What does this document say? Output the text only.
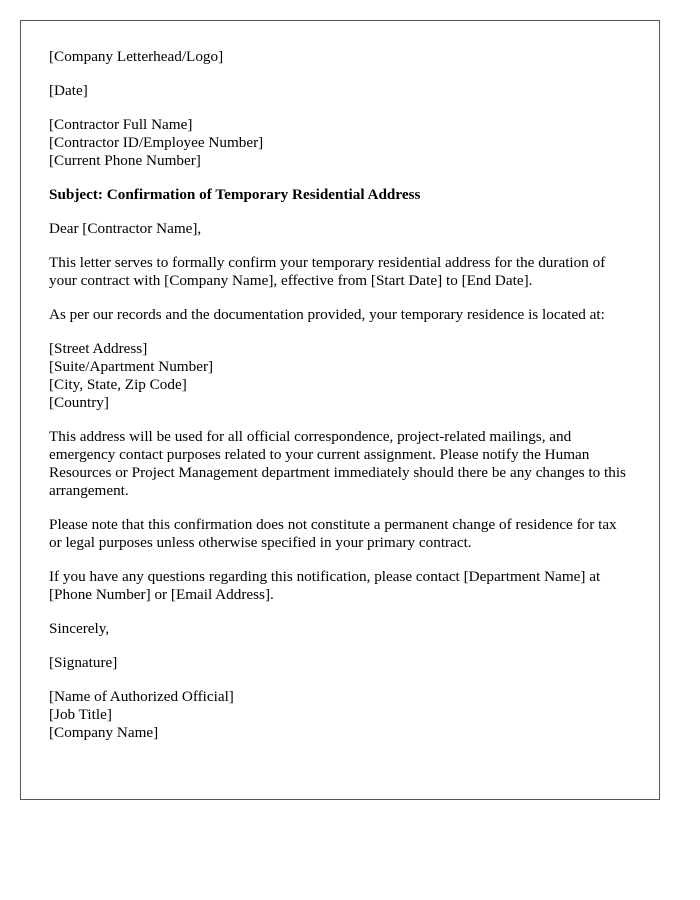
[Company Letterhead/Logo]
[Date]
[Contractor Full Name]
[Contractor ID/Employee Number]
[Current Phone Number]

Subject: Confirmation of Temporary Residential Address

Dear [Contractor Name],

This letter serves to formally confirm your temporary residential address for the duration of your contract with [Company Name], effective from [Start Date] to [End Date].

As per our records and the documentation provided, your temporary residence is located at:

[Street Address]
[Suite/Apartment Number]
[City, State, Zip Code]
[Country]

This address will be used for all official correspondence, project-related mailings, and emergency contact purposes related to your current assignment. Please notify the Human Resources or Project Management department immediately should there be any changes to this arrangement.

Please note that this confirmation does not constitute a permanent change of residence for tax or legal purposes unless otherwise specified in your primary contract.

If you have any questions regarding this notification, please contact [Department Name] at [Phone Number] or [Email Address].

Sincerely,

[Signature]

[Name of Authorized Official]
[Job Title]
[Company Name]
